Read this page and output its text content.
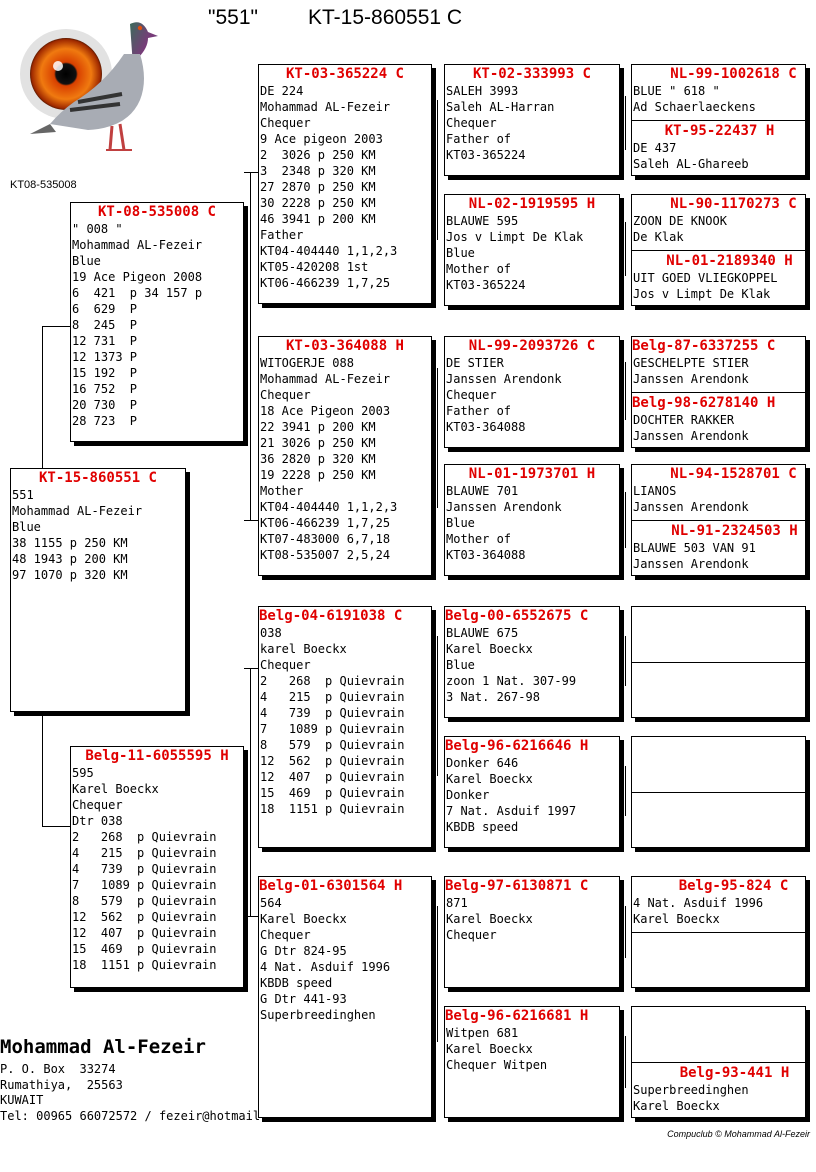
"551" KT-15-860551 C
KT08-535008
KT-15-860551 C
551
Mohammad AL-Fezeir
Blue
38 1155 p 250 KM
48 1943 p 200 KM
97 1070 p 320 KM
KT-08-535008 C
" 008 "
Mohammad AL-Fezeir
Blue
19 Ace Pigeon 2008
6  421  p 34 157 p
6  629  P
8  245  P
12 731  P
12 1373 P
15 192  P
16 752  P
20 730  P
28 723  P
Belg-11-6055595 H
595
Karel Boeckx
Chequer
Dtr 038
2   268  p Quievrain
4   215  p Quievrain
4   739  p Quievrain
7   1089 p Quievrain
8   579  p Quievrain
12  562  p Quievrain
12  407  p Quievrain
15  469  p Quievrain
18  1151 p Quievrain
KT-03-365224 C
DE 224
Mohammad AL-Fezeir
Chequer
9 Ace pigeon 2003
2  3026 p 250 KM
3  2348 p 320 KM
27 2870 p 250 KM
30 2228 p 250 KM
46 3941 p 200 KM
Father
KT04-404440 1,1,2,3
KT05-420208 1st
KT06-466239 1,7,25
KT-03-364088 H
WITOGERJE 088
Mohammad AL-Fezeir
Chequer
18 Ace Pigeon 2003
22 3941 p 200 KM
21 3026 p 250 KM
36 2820 p 320 KM
19 2228 p 250 KM
Mother
KT04-404440 1,1,2,3
KT06-466239 1,7,25
KT07-483000 6,7,18
KT08-535007 2,5,24
Belg-04-6191038 C
038
karel Boeckx
Chequer
2   268  p Quievrain
4   215  p Quievrain
4   739  p Quievrain
7   1089 p Quievrain
8   579  p Quievrain
12  562  p Quievrain
12  407  p Quievrain
15  469  p Quievrain
18  1151 p Quievrain
Belg-01-6301564 H
564
Karel Boeckx
Chequer
G Dtr 824-95
4 Nat. Asduif 1996
KBDB speed
G Dtr 441-93
Superbreedinghen
KT-02-333993 C
SALEH 3993
Saleh AL-Harran
Chequer
Father of
KT03-365224
NL-02-1919595 H
BLAUWE 595
Jos v Limpt De Klak
Blue
Mother of
KT03-365224
NL-99-2093726 C
DE STIER
Janssen Arendonk
Chequer
Father of
KT03-364088
NL-01-1973701 H
BLAUWE 701
Janssen Arendonk
Blue
Mother of
KT03-364088
Belg-00-6552675 C
BLAUWE 675
Karel Boeckx
Blue
zoon 1 Nat. 307-99
3 Nat. 267-98
Belg-96-6216646 H
Donker 646
Karel Boeckx
Donker
7 Nat. Asduif 1997
KBDB speed
Belg-97-6130871 C
871
Karel Boeckx
Chequer
Belg-96-6216681 H
Witpen 681
Karel Boeckx
Chequer Witpen
NL-99-1002618 C
BLUE " 618 "
Ad Schaerlaeckens
KT-95-22437 H
DE 437
Saleh AL-Ghareeb
NL-90-1170273 C
ZOON DE KNOOK
De Klak
NL-01-2189340 H
UIT GOED VLIEGKOPPEL
Jos v Limpt De Klak
Belg-87-6337255 C
GESCHELPTE STIER
Janssen Arendonk
Belg-98-6278140 H
DOCHTER RAKKER
Janssen Arendonk
NL-94-1528701 C
LIANOS
Janssen Arendonk
NL-91-2324503 H
BLAUWE 503 VAN 91
Janssen Arendonk
Belg-95-824 C
4 Nat. Asduif 1996
Karel Boeckx
Belg-93-441 H
Superbreedinghen
Karel Boeckx
Mohammad Al-Fezeir
P. O. Box  33274
Rumathiya,  25563
KUWAIT
Tel: 00965 66072572 / fezeir@hotmail.
Compuclub © Mohammad Al-Fezeir
